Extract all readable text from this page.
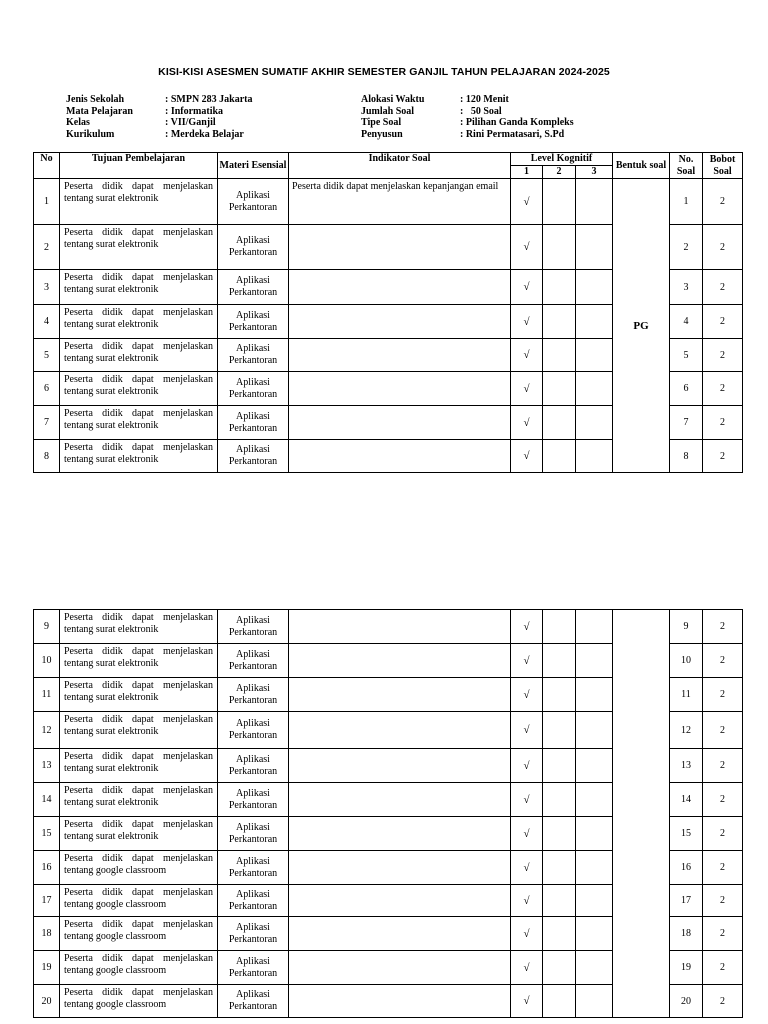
KISI-KISI ASESMEN SUMATIF AKHIR SEMESTER GANJIL TAHUN PELAJARAN 2024-2025
Jenis Sekolah	: SMPN 283 Jakarta
Mata Pelajaran	: Informatika
Kelas	: VII/Ganjil
Kurikulum	: Merdeka Belajar
Alokasi Waktu	: 120 Menit
Jumlah Soal	:   50 Soal
Tipe Soal	: Pilihan Ganda Kompleks
Penyusun	: Rini Permatasari, S.Pd
No	Tujuan Pembelajaran	Materi Esensial	Indikator Soal	Level Kognitif			Bentuk soal	No. Soal	Bobot Soal
				1	2	3			
1	Peserta didik dapat menjelaskan tentang surat elektronik	Aplikasi Perkantoran	Peserta didik dapat menjelaskan kepanjangan email	√			PG	1	2
2	Peserta didik dapat menjelaskan tentang surat elektronik	Aplikasi Perkantoran		√				2	2
3	Peserta didik dapat menjelaskan tentang surat elektronik	Aplikasi Perkantoran		√				3	2
4	Peserta didik dapat menjelaskan tentang surat elektronik	Aplikasi Perkantoran		√				4	2
5	Peserta didik dapat menjelaskan tentang surat elektronik	Aplikasi Perkantoran		√				5	2
6	Peserta didik dapat menjelaskan tentang surat elektronik	Aplikasi Perkantoran		√				6	2
7	Peserta didik dapat menjelaskan tentang surat elektronik	Aplikasi Perkantoran		√				7	2
8	Peserta didik dapat menjelaskan tentang surat elektronik	Aplikasi Perkantoran		√				8	2
9	Peserta didik dapat menjelaskan tentang surat elektronik	Aplikasi Perkantoran		√				9	2
10	Peserta didik dapat menjelaskan tentang surat elektronik	Aplikasi Perkantoran		√				10	2
11	Peserta didik dapat menjelaskan tentang surat elektronik	Aplikasi Perkantoran		√				11	2
12	Peserta didik dapat menjelaskan tentang surat elektronik	Aplikasi Perkantoran		√				12	2
13	Peserta didik dapat menjelaskan tentang surat elektronik	Aplikasi Perkantoran		√				13	2
14	Peserta didik dapat menjelaskan tentang surat elektronik	Aplikasi Perkantoran		√				14	2
15	Peserta didik dapat menjelaskan tentang surat elektronik	Aplikasi Perkantoran		√				15	2
16	Peserta didik dapat menjelaskan tentang google classroom	Aplikasi Perkantoran		√				16	2
17	Peserta didik dapat menjelaskan tentang google classroom	Aplikasi Perkantoran		√				17	2
18	Peserta didik dapat menjelaskan tentang google classroom	Aplikasi Perkantoran		√				18	2
19	Peserta didik dapat menjelaskan tentang google classroom	Aplikasi Perkantoran		√				19	2
20	Peserta didik dapat menjelaskan tentang google classroom	Aplikasi Perkantoran		√				20	2
